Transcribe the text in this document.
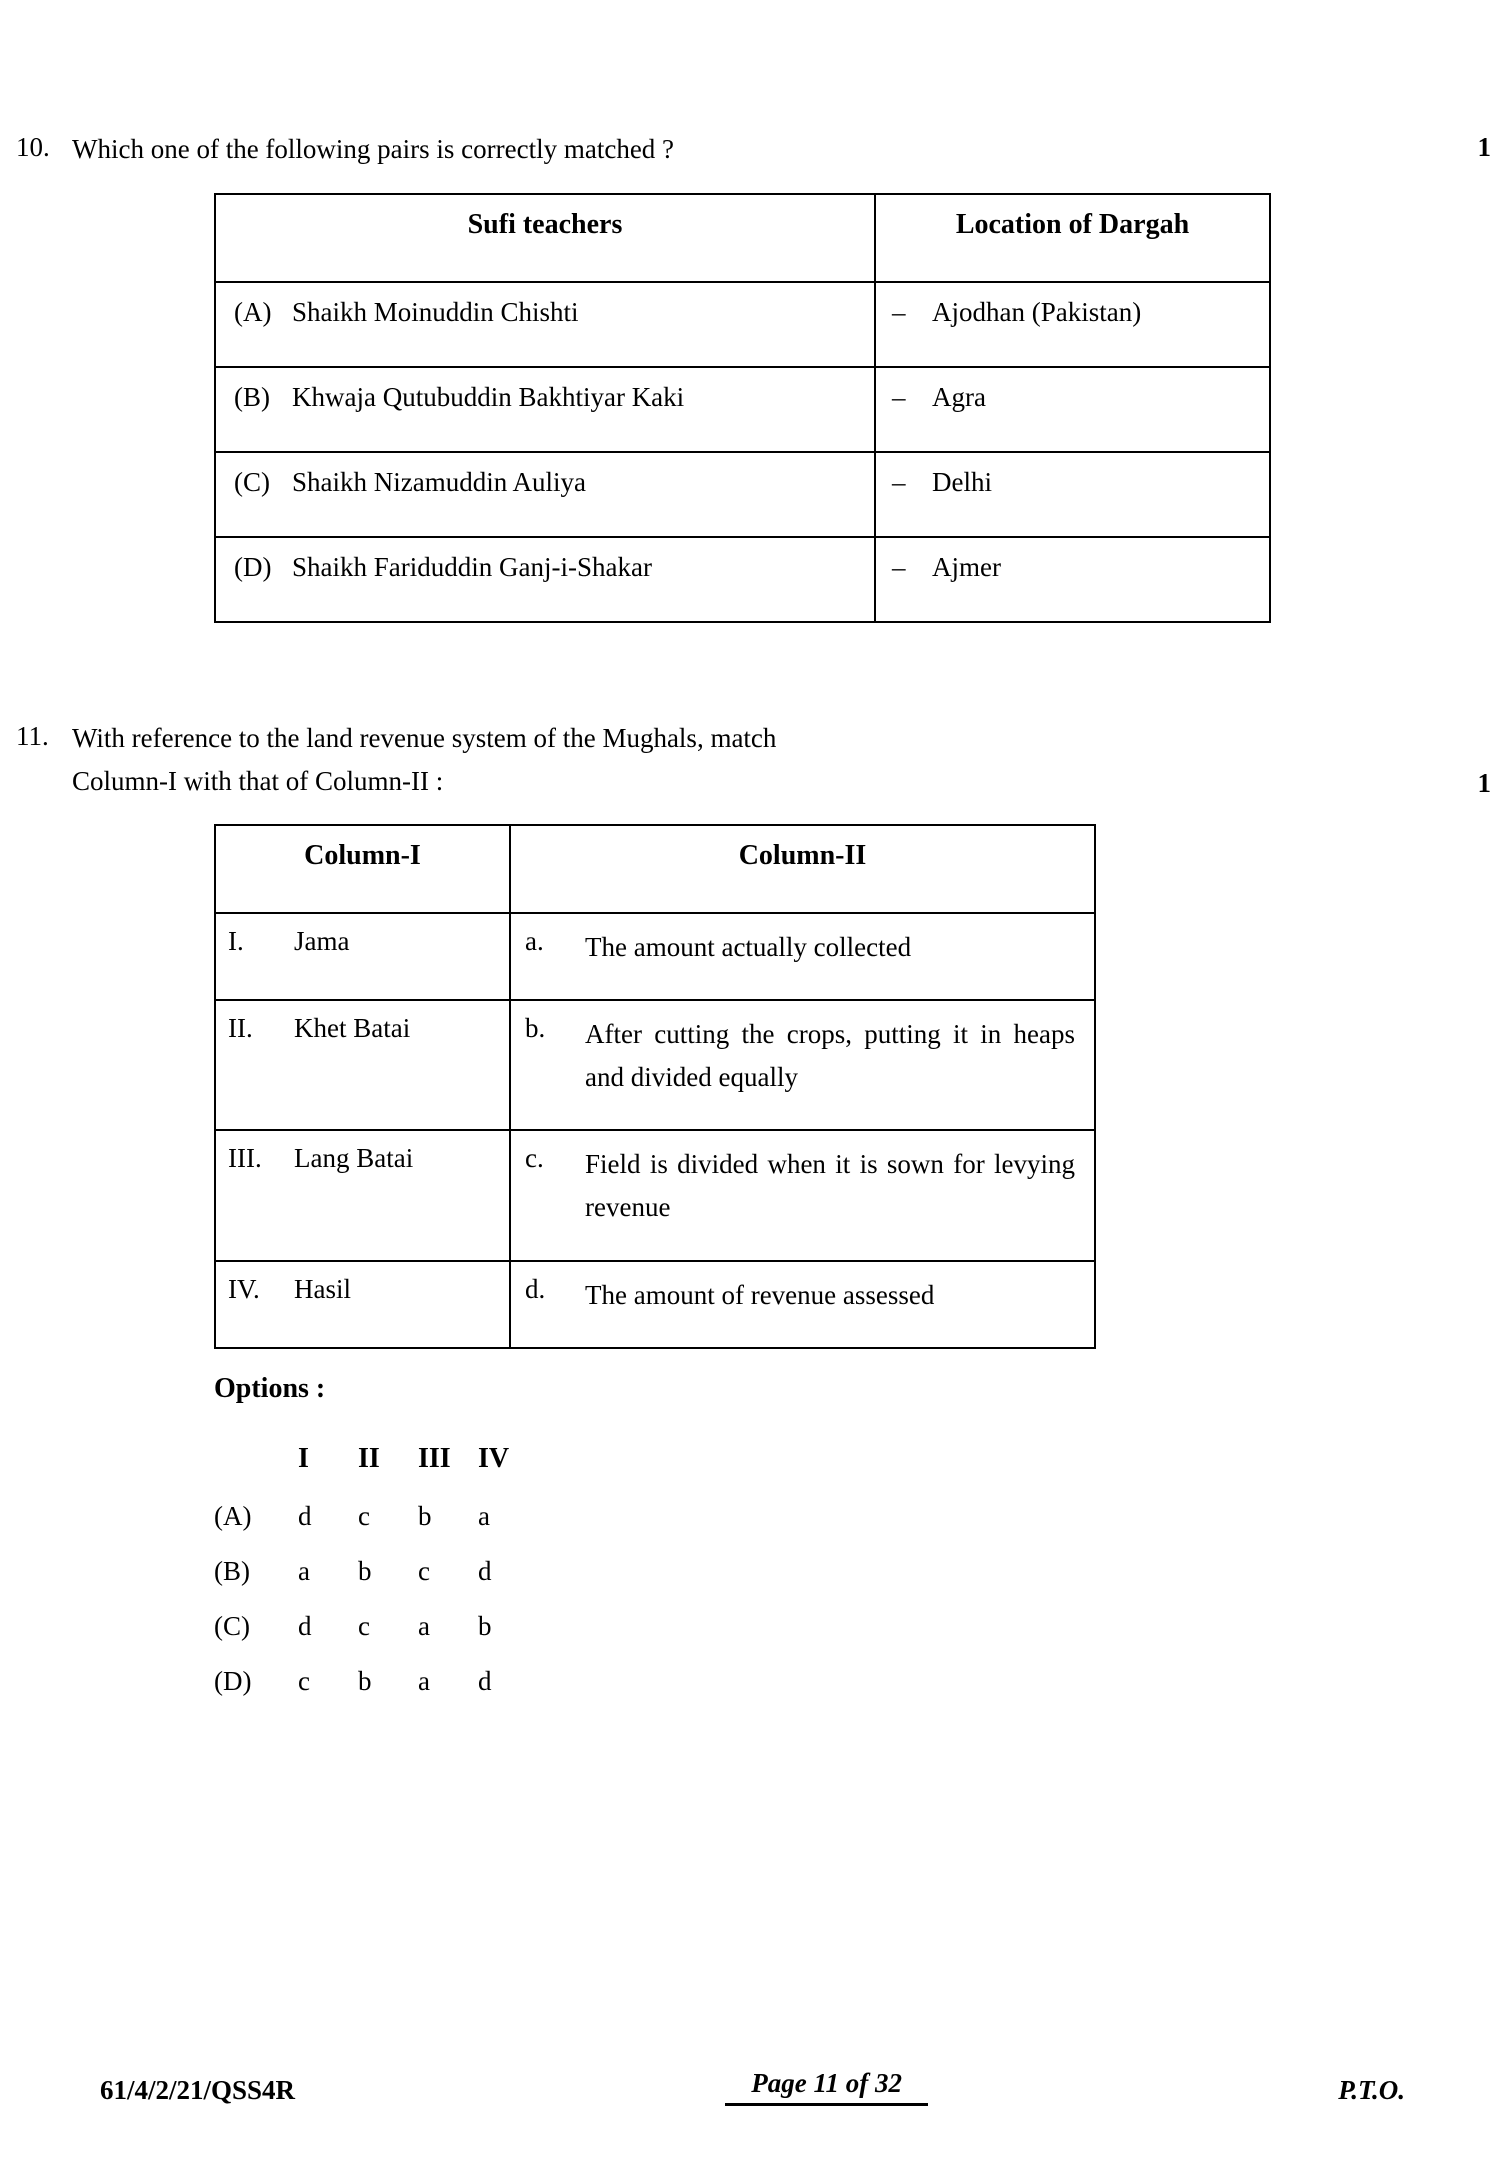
10. Which one of the following pairs is correctly matched ?	1
Sufi teachers	Location of Dargah
(A) Shaikh Moinuddin Chishti	– Ajodhan (Pakistan)
(B) Khwaja Qutubuddin Bakhtiyar Kaki	– Agra
(C) Shaikh Nizamuddin Auliya	– Delhi
(D) Shaikh Fariduddin Ganj-i-Shakar	– Ajmer
11. With reference to the land revenue system of the Mughals, match
Column-I with that of Column-II :	1
Column-I	Column-II
I. Jama	a. The amount actually collected
II. Khet Batai	b. After cutting the crops, putting it in heaps and divided equally
III. Lang Batai	c. Field is divided when it is sown for levying revenue
IV. Hasil	d. The amount of revenue assessed
Options :
	I	II	III	IV
(A)	d	c	b	a
(B)	a	b	c	d
(C)	d	c	a	b
(D)	c	b	a	d
61/4/2/21/QSS4R	Page 11 of 32	P.T.O.
